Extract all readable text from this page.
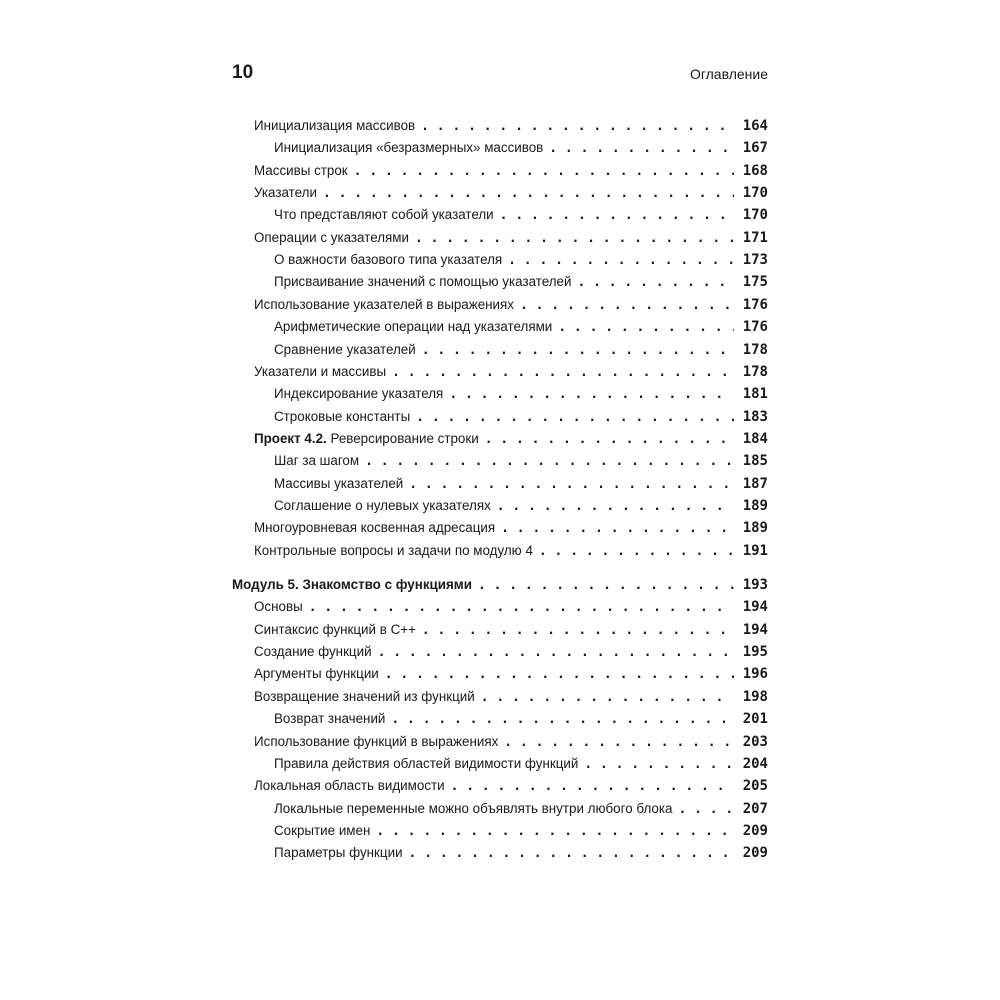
10	Оглавление
Инициализация массивов . . .	164
Инициализация «безразмерных» массивов . . .	167
Массивы строк . . .	168
Указатели . . .	170
Что представляют собой указатели . . .	170
Операции с указателями . . .	171
О важности базового типа указателя . . .	173
Присваивание значений с помощью указателей . . .	175
Использование указателей в выражениях . . .	176
Арифметические операции над указателями . . .	176
Сравнение указателей . . .	178
Указатели и массивы . . .	178
Индексирование указателя . . .	181
Строковые константы . . .	183
Проект 4.2. Реверсирование строки . . .	184
Шаг за шагом . . .	185
Массивы указателей . . .	187
Соглашение о нулевых указателях . . .	189
Многоуровневая косвенная адресация . . .	189
Контрольные вопросы и задачи по модулю 4 . . .	191
Модуль 5. Знакомство с функциями . . .	193
Основы . . .	194
Синтаксис функций в С++ . . .	194
Создание функций . . .	195
Аргументы функции . . .	196
Возвращение значений из функций . . .	198
Возврат значений . . .	201
Использование функций в выражениях . . .	203
Правила действия областей видимости функций . . .	204
Локальная область видимости . . .	205
Локальные переменные можно объявлять внутри любого блока . . .	207
Сокрытие имен . . .	209
Параметры функции . . .	209
